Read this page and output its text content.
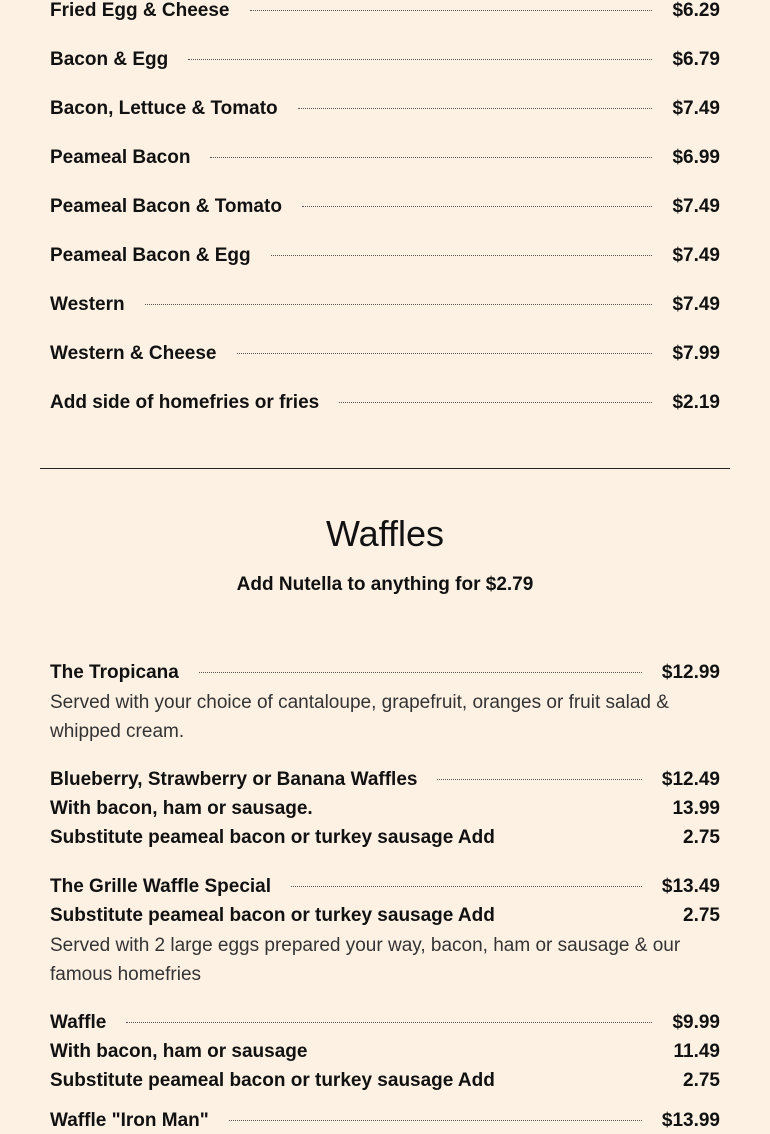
Fried Egg & Cheese	$6.29
Bacon & Egg	$6.79
Bacon, Lettuce & Tomato	$7.49
Peameal Bacon	$6.99
Peameal Bacon & Tomato	$7.49
Peameal Bacon & Egg	$7.49
Western	$7.49
Western & Cheese	$7.99
Add side of homefries or fries	$2.19
Waffles
Add Nutella to anything for $2.79
The Tropicana	$12.99
Served with your choice of cantaloupe, grapefruit, oranges or fruit salad & whipped cream.
Blueberry, Strawberry or Banana Waffles	$12.49
With bacon, ham or sausage.	13.99
Substitute peameal bacon or turkey sausage Add	2.75
The Grille Waffle Special	$13.49
Substitute peameal bacon or turkey sausage Add	2.75
Served with 2 large eggs prepared your way, bacon, ham or sausage & our famous homefries
Waffle	$9.99
With bacon, ham or sausage	11.49
Substitute peameal bacon or turkey sausage Add	2.75
Waffle "Iron Man"	$13.99
